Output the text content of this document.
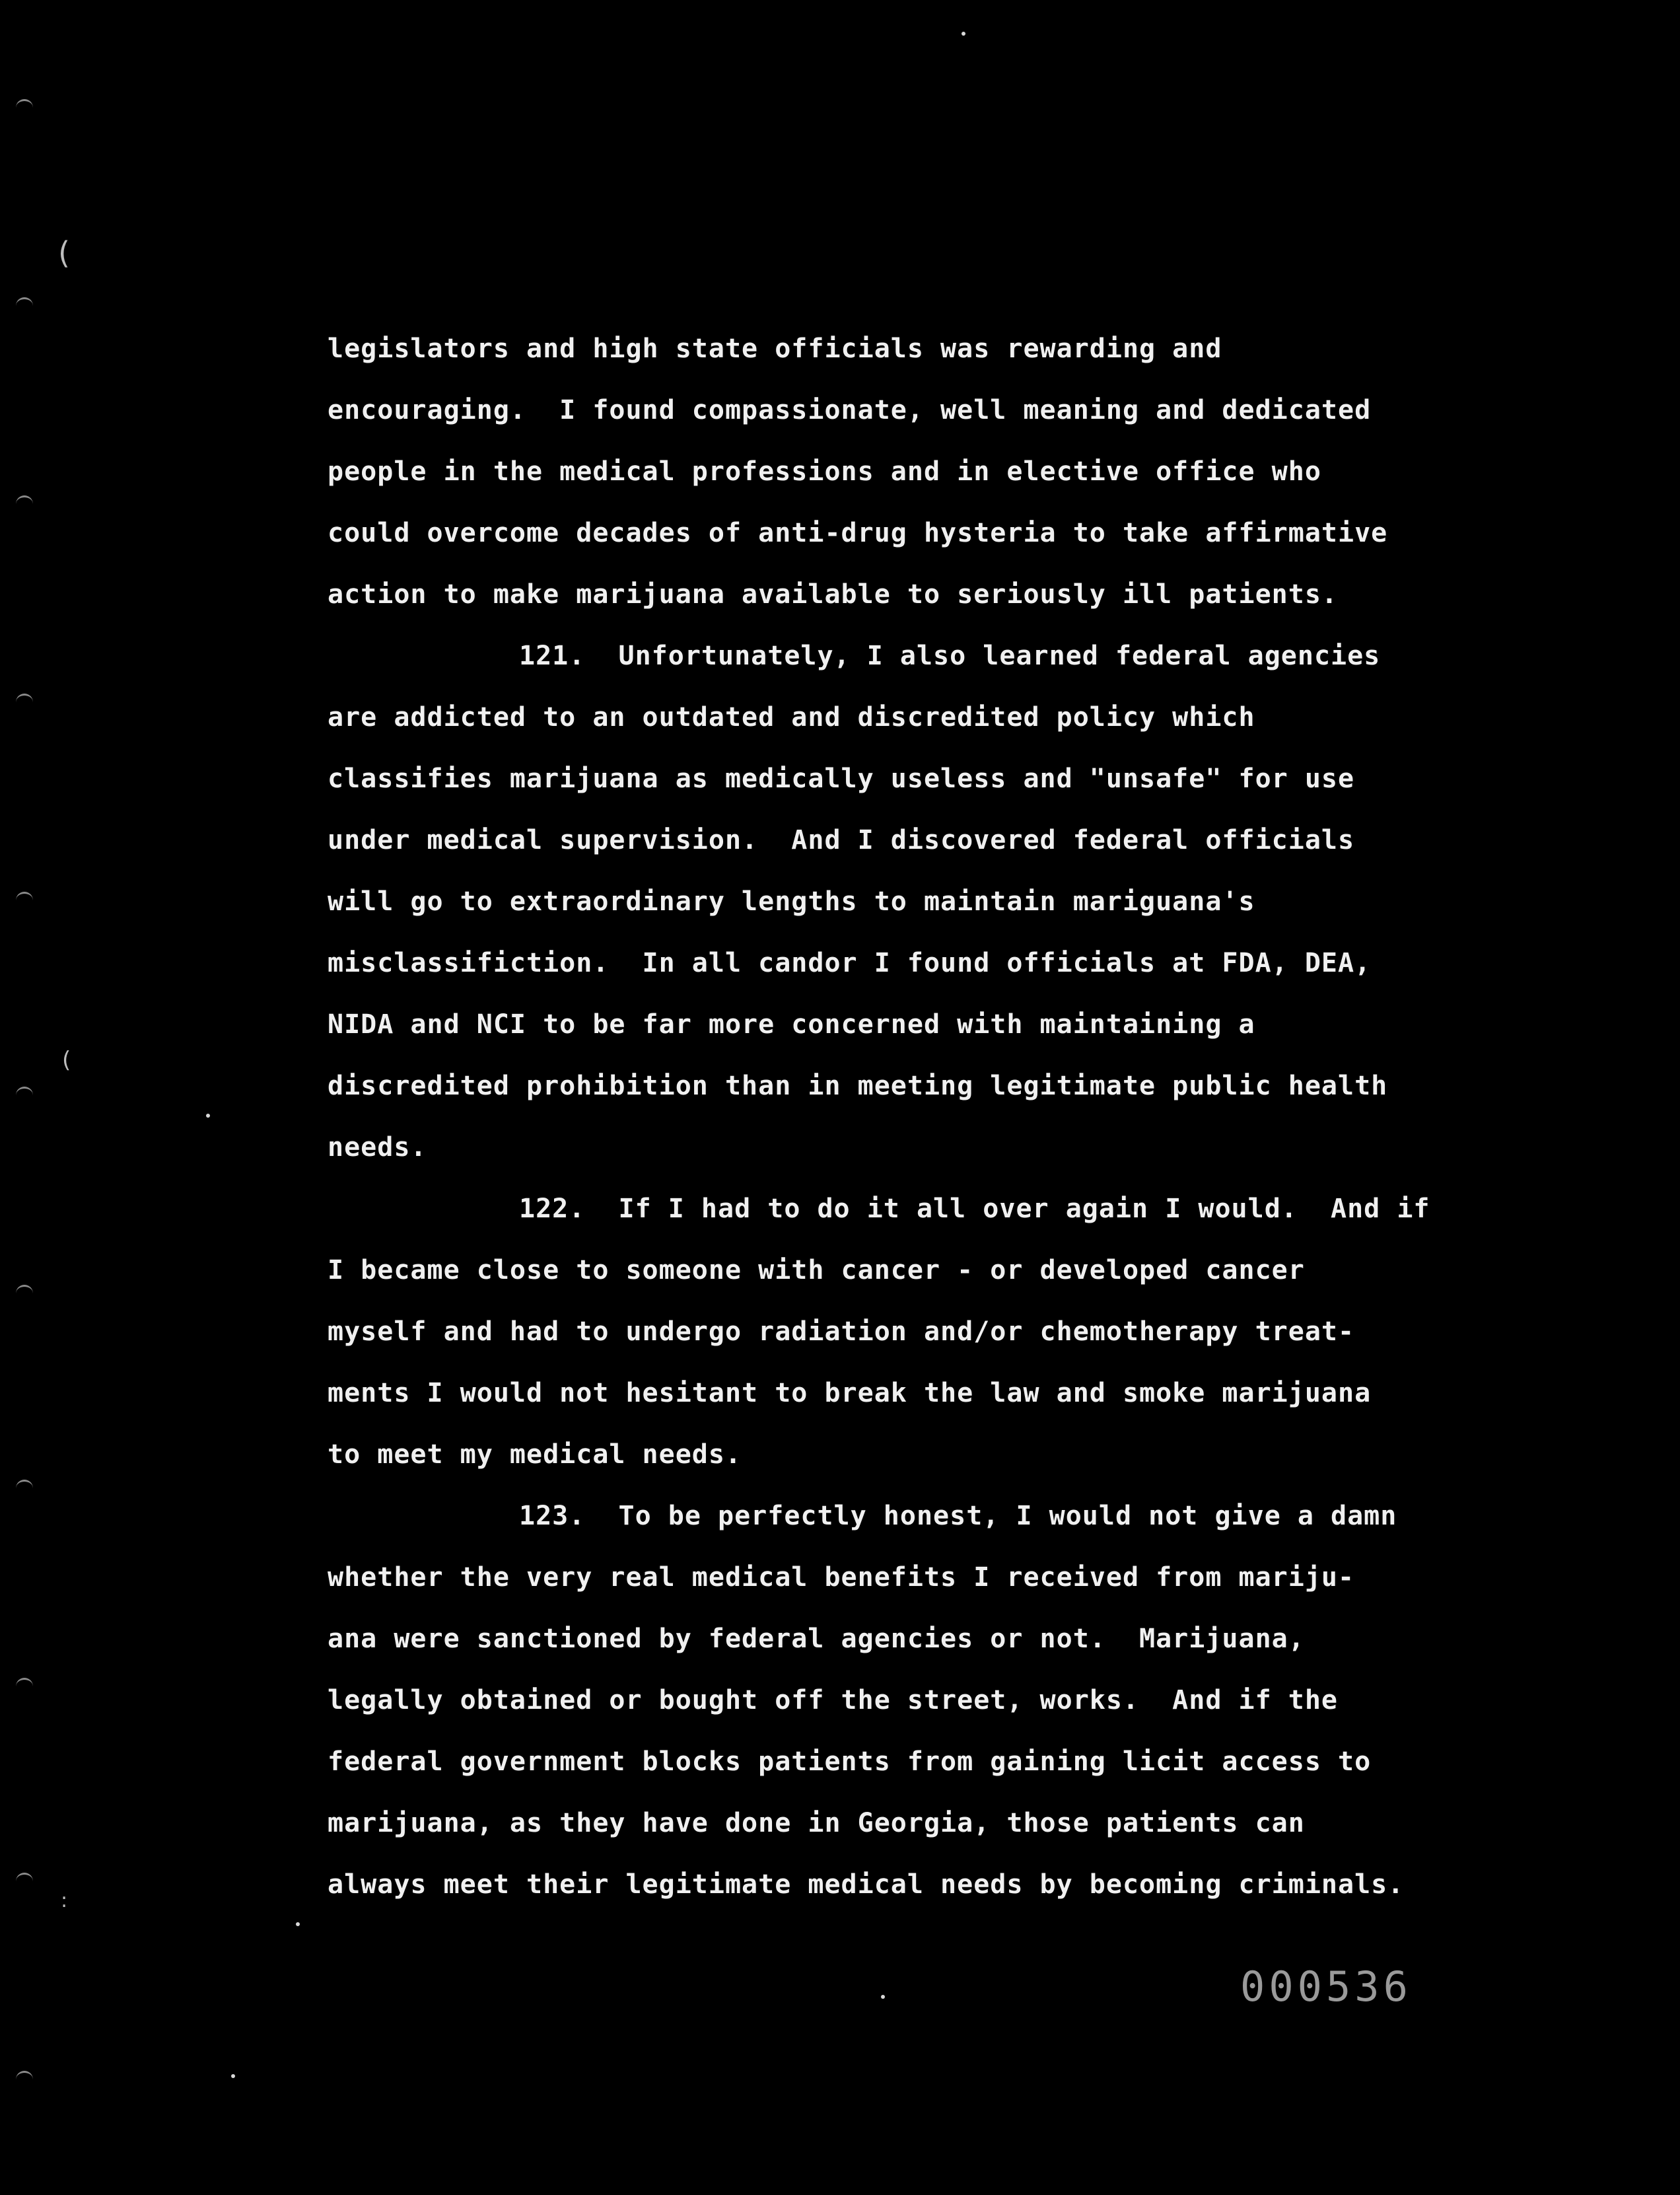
(
(
:
legislators and high state officials was rewarding and
encouraging.  I found compassionate, well meaning and dedicated
people in the medical professions and in elective office who
could overcome decades of anti-drug hysteria to take affirmative
action to make marijuana available to seriously ill patients.
121.  Unfortunately, I also learned federal agencies
are addicted to an outdated and discredited policy which
classifies marijuana as medically useless and "unsafe" for use
under medical supervision.  And I discovered federal officials
will go to extraordinary lengths to maintain mariguana's
misclassifiction.  In all candor I found officials at FDA, DEA,
NIDA and NCI to be far more concerned with maintaining a
discredited prohibition than in meeting legitimate public health
needs.
122.  If I had to do it all over again I would.  And if
I became close to someone with cancer - or developed cancer
myself and had to undergo radiation and/or chemotherapy treat-
ments I would not hesitant to break the law and smoke marijuana
to meet my medical needs.
123.  To be perfectly honest, I would not give a damn
whether the very real medical benefits I received from mariju-
ana were sanctioned by federal agencies or not.  Marijuana,
legally obtained or bought off the street, works.  And if the
federal government blocks patients from gaining licit access to
marijuana, as they have done in Georgia, those patients can
always meet their legitimate medical needs by becoming criminals.
000536
